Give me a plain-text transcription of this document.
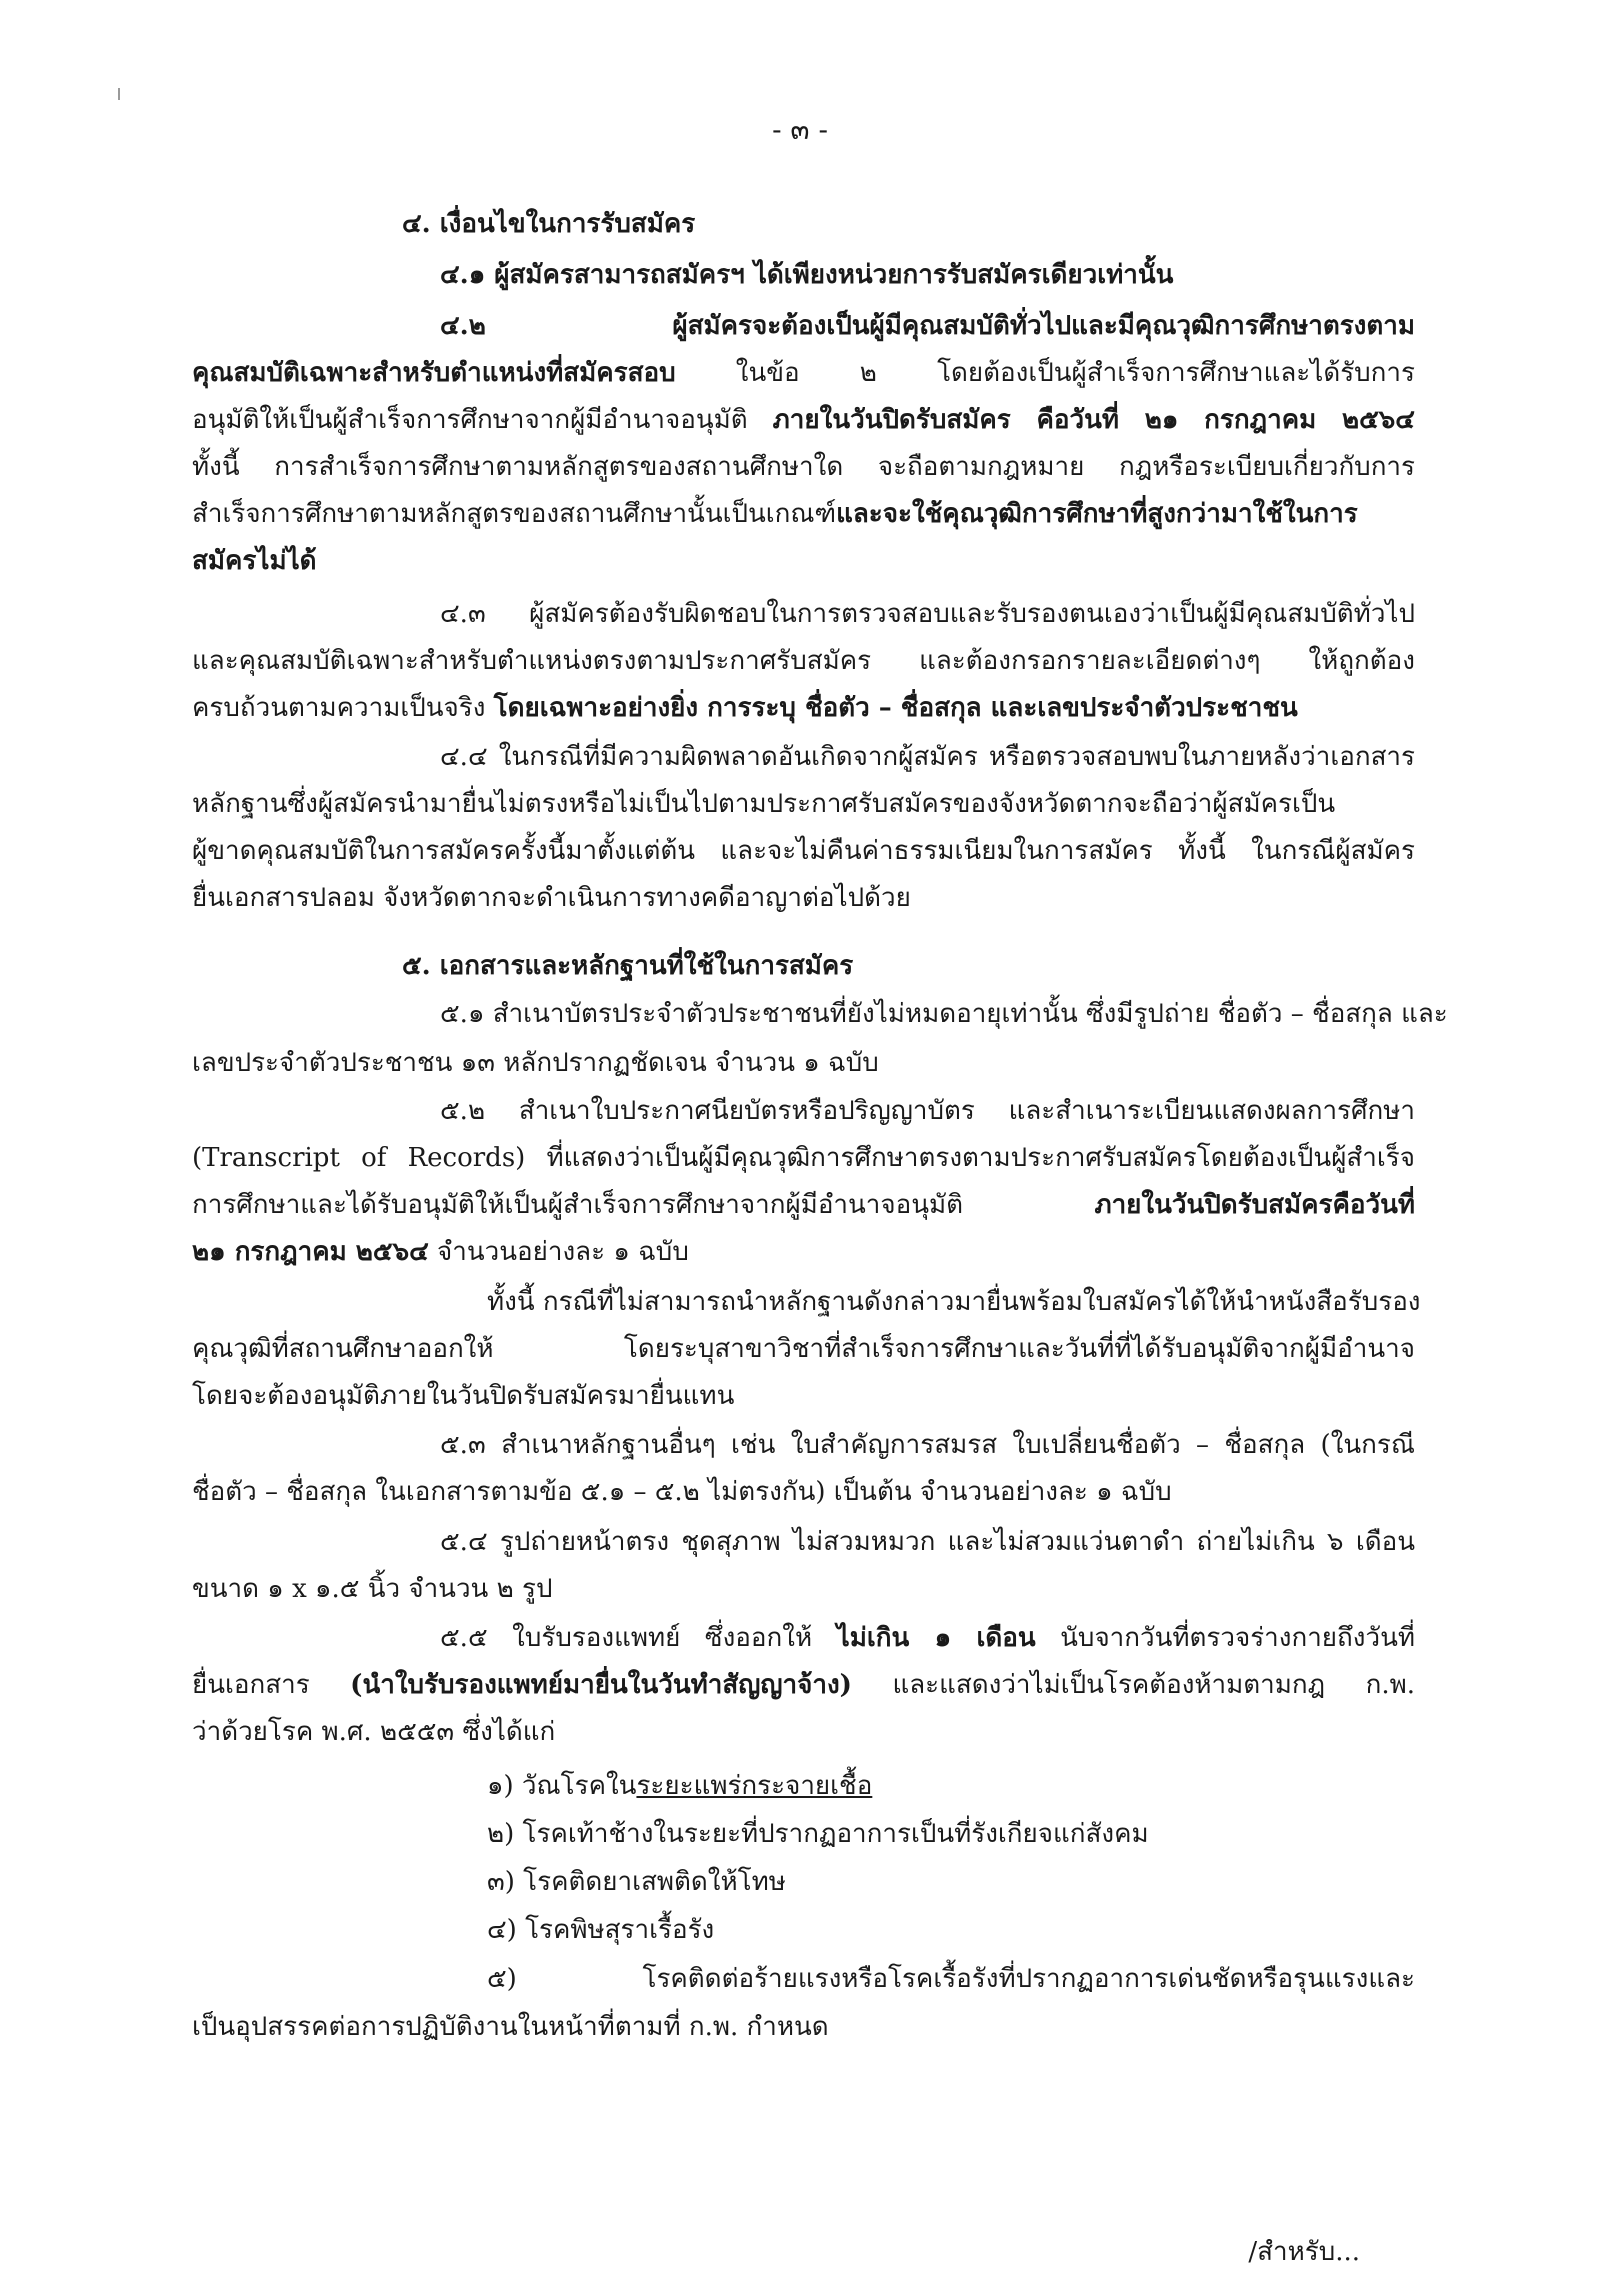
- ๓ -
๔. เงื่อนไขในการรับสมัคร
๔.๑ ผู้สมัครสามารถสมัครฯ ได้เพียงหน่วยการรับสมัครเดียวเท่านั้น
๔.๒ ผู้สมัครจะต้องเป็นผู้มีคุณสมบัติทั่วไปและมีคุณวุฒิการศึกษาตรงตาม
คุณสมบัติเฉพาะสำหรับตำแหน่งที่สมัครสอบ ในข้อ ๒ โดยต้องเป็นผู้สำเร็จการศึกษาและได้รับการ
อนุมัติให้เป็นผู้สำเร็จการศึกษาจากผู้มีอำนาจอนุมัติ ภายในวันปิดรับสมัคร คือวันที่ ๒๑ กรกฎาคม ๒๕๖๔
ทั้งนี้ การสำเร็จการศึกษาตามหลักสูตรของสถานศึกษาใด จะถือตามกฎหมาย กฎหรือระเบียบเกี่ยวกับการ
สำเร็จการศึกษาตามหลักสูตรของสถานศึกษานั้นเป็นเกณฑ์และจะใช้คุณวุฒิการศึกษาที่สูงกว่ามาใช้ในการ
สมัครไม่ได้
๔.๓ ผู้สมัครต้องรับผิดชอบในการตรวจสอบและรับรองตนเองว่าเป็นผู้มีคุณสมบัติทั่วไป
และคุณสมบัติเฉพาะสำหรับตำแหน่งตรงตามประกาศรับสมัคร และต้องกรอกรายละเอียดต่างๆ ให้ถูกต้อง
ครบถ้วนตามความเป็นจริง โดยเฉพาะอย่างยิ่ง การระบุ ชื่อตัว – ชื่อสกุล และเลขประจำตัวประชาชน
๔.๔ ในกรณีที่มีความผิดพลาดอันเกิดจากผู้สมัคร หรือตรวจสอบพบในภายหลังว่าเอกสาร
หลักฐานซึ่งผู้สมัครนำมายื่นไม่ตรงหรือไม่เป็นไปตามประกาศรับสมัครของจังหวัดตากจะถือว่าผู้สมัครเป็น
ผู้ขาดคุณสมบัติในการสมัครครั้งนี้มาตั้งแต่ต้น และจะไม่คืนค่าธรรมเนียมในการสมัคร ทั้งนี้ ในกรณีผู้สมัคร
ยื่นเอกสารปลอม จังหวัดตากจะดำเนินการทางคดีอาญาต่อไปด้วย
๕. เอกสารและหลักฐานที่ใช้ในการสมัคร
๕.๑ สำเนาบัตรประจำตัวประชาชนที่ยังไม่หมดอายุเท่านั้น ซึ่งมีรูปถ่าย ชื่อตัว – ชื่อสกุล และ
เลขประจำตัวประชาชน ๑๓ หลักปรากฏชัดเจน จำนวน ๑ ฉบับ
๕.๒ สำเนาใบประกาศนียบัตรหรือปริญญาบัตร และสำเนาระเบียนแสดงผลการศึกษา
(Transcript of Records) ที่แสดงว่าเป็นผู้มีคุณวุฒิการศึกษาตรงตามประกาศรับสมัครโดยต้องเป็นผู้สำเร็จ
การศึกษาและได้รับอนุมัติให้เป็นผู้สำเร็จการศึกษาจากผู้มีอำนาจอนุมัติ ภายในวันปิดรับสมัครคือวันที่
๒๑ กรกฎาคม ๒๕๖๔ จำนวนอย่างละ ๑ ฉบับ
ทั้งนี้ กรณีที่ไม่สามารถนำหลักฐานดังกล่าวมายื่นพร้อมใบสมัครได้ให้นำหนังสือรับรอง
คุณวุฒิที่สถานศึกษาออกให้ โดยระบุสาขาวิชาที่สำเร็จการศึกษาและวันที่ที่ได้รับอนุมัติจากผู้มีอำนาจ
โดยจะต้องอนุมัติภายในวันปิดรับสมัครมายื่นแทน
๕.๓ สำเนาหลักฐานอื่นๆ เช่น ใบสำคัญการสมรส ใบเปลี่ยนชื่อตัว – ชื่อสกุล (ในกรณี
ชื่อตัว – ชื่อสกุล ในเอกสารตามข้อ ๕.๑ – ๕.๒ ไม่ตรงกัน) เป็นต้น จำนวนอย่างละ ๑ ฉบับ
๕.๔ รูปถ่ายหน้าตรง ชุดสุภาพ ไม่สวมหมวก และไม่สวมแว่นตาดำ ถ่ายไม่เกิน ๖ เดือน
ขนาด ๑ x ๑.๕ นิ้ว จำนวน ๒ รูป
๕.๕ ใบรับรองแพทย์ ซึ่งออกให้ ไม่เกิน ๑ เดือน นับจากวันที่ตรวจร่างกายถึงวันที่
ยื่นเอกสาร (นำใบรับรองแพทย์มายื่นในวันทำสัญญาจ้าง) และแสดงว่าไม่เป็นโรคต้องห้ามตามกฎ ก.พ.
ว่าด้วยโรค พ.ศ. ๒๕๕๓ ซึ่งได้แก่
๑) วัณโรคในระยะแพร่กระจายเชื้อ
๒) โรคเท้าช้างในระยะที่ปรากฏอาการเป็นที่รังเกียจแก่สังคม
๓) โรคติดยาเสพติดให้โทษ
๔) โรคพิษสุราเรื้อรัง
๕) โรคติดต่อร้ายแรงหรือโรคเรื้อรังที่ปรากฏอาการเด่นชัดหรือรุนแรงและ
เป็นอุปสรรคต่อการปฏิบัติงานในหน้าที่ตามที่ ก.พ. กำหนด
/สำหรับ...
